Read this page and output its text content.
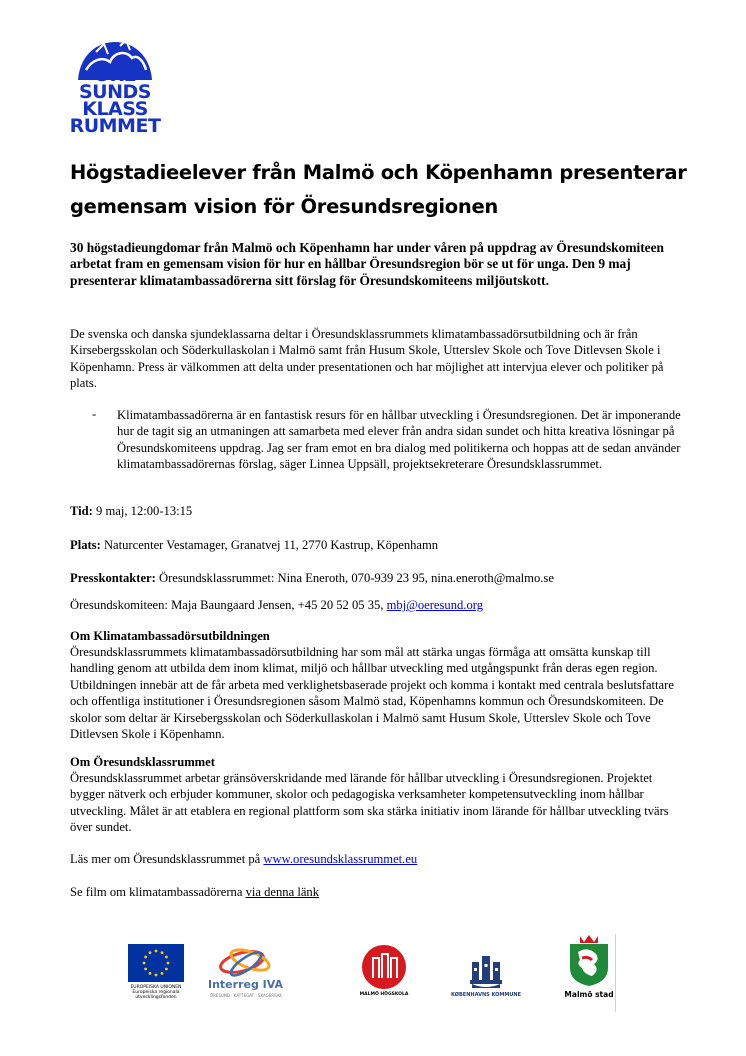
ÖRE
SUNDS
KLASS
RUMMET
Högstadieelever från Malmö och Köpenhamn presenterar gemensam vision för Öresundsregionen

30 högstadieungdomar från Malmö och Köpenhamn har under våren på uppdrag av Öresundskomiteen arbetat fram en gemensam vision för hur en hållbar Öresundsregion bör se ut för unga. Den 9 maj presenterar klimatambassadörerna sitt förslag för Öresundskomiteens miljöutskott.

De svenska och danska sjundeklassarna deltar i Öresundsklassrummets klimatambassadörsutbildning och är från Kirsebergsskolan och Söderkullaskolan i Malmö samt från Husum Skole, Utterslev Skole och Tove Ditlevsen Skole i Köpenhamn. Press är välkommen att delta under presentationen och har möjlighet att intervjua elever och politiker på plats.

- Klimatambassadörerna är en fantastisk resurs för en hållbar utveckling i Öresundsregionen. Det är imponerande hur de tagit sig an utmaningen att samarbeta med elever från andra sidan sundet och hitta kreativa lösningar på Öresundskomiteens uppdrag. Jag ser fram emot en bra dialog med politikerna och hoppas att de sedan använder klimatambassadörernas förslag, säger Linnea Uppsäll, projektsekreterare Öresundsklassrummet.

Tid: 9 maj, 12:00-13:15

Plats: Naturcenter Vestamager, Granatvej 11, 2770 Kastrup, Köpenhamn

Presskontakter: Öresundsklassrummet: Nina Eneroth, 070-939 23 95, nina.eneroth@malmo.se

Öresundskomiteen: Maja Baungaard Jensen, +45 20 52 05 35, mbj@oeresund.org

Om Klimatambassadörsutbildningen

Öresundsklassrummets klimatambassadörsutbildning har som mål att stärka ungas förmåga att omsätta kunskap till handling genom att utbilda dem inom klimat, miljö och hållbar utveckling med utgångspunkt från deras egen region. Utbildningen innebär att de får arbeta med verklighetsbaserade projekt och komma i kontakt med centrala beslutsfattare och offentliga institutioner i Öresundsregionen såsom Malmö stad, Köpenhamns kommun och Öresundskomiteen. De skolor som deltar är Kirsebergsskolan och Söderkullaskolan i Malmö samt Husum Skole, Utterslev Skole och Tove Ditlevsen Skole i Köpenhamn.

Om Öresundsklassrummet

Öresundsklassrummet arbetar gränsöverskridande med lärande för hållbar utveckling i Öresundsregionen. Projektet bygger nätverk och erbjuder kommuner, skolor och pedagogiska verksamheter kompetensutveckling inom hållbar utveckling. Målet är att etablera en regional plattform som ska stärka initiativ inom lärande för hållbar utveckling tvärs över sundet.

Läs mer om Öresundsklassrummet på www.oresundsklassrummet.eu

Se film om klimatambassadörerna via denna länk

EUROPEISKA UNIONEN Europeiska regionala utvecklingsfonden
Interreg IVA
ÖRESUND · KATTEGAT · SKAGERRAK	MALMÖ HÖGSKOLA	KØBENHAVNS KOMMUNE	Malmö stad
